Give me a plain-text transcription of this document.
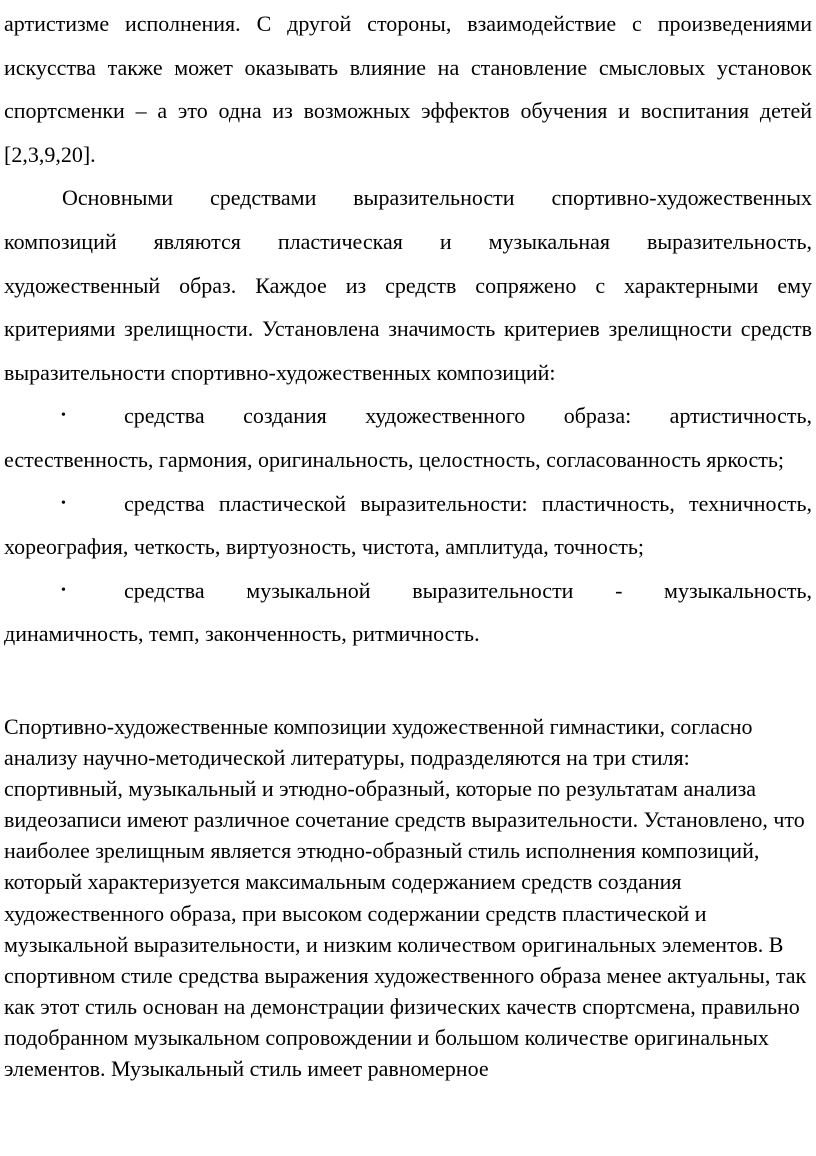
артистизме исполнения. С другой стороны, взаимодействие с произведениями искусства также может оказывать влияние на становление смысловых установок спортсменки – а это одна из возможных эффектов обучения и воспитания детей [2,3,9,20].

Основными средствами выразительности спортивно-художественных композиций являются пластическая и музыкальная выразительность, художественный образ. Каждое из средств сопряжено с характерными ему критериями зрелищности. Установлена значимость критериев зрелищности средств выразительности спортивно-художественных композиций:

•	средства создания художественного образа: артистичность, естественность, гармония, оригинальность, целостность, согласованность яркость;

•	средства пластической выразительности: пластичность, техничность, хореография, четкость, виртуозность, чистота, амплитуда, точность;

•	средства музыкальной выразительности - музыкальность, динамичность, темп, законченность, ритмичность.

Спортивно-художественные композиции художественной гимнастики, согласно анализу научно-методической литературы, подразделяются на три стиля: спортивный, музыкальный и этюдно-образный, которые по результатам анализа видеозаписи имеют различное сочетание средств выразительности. Установлено, что наиболее зрелищным является этюдно-образный стиль исполнения композиций, который характеризуется максимальным содержанием средств создания художественного образа, при высоком содержании средств пластической и музыкальной выразительности, и низким количеством оригинальных элементов. В спортивном стиле средства выражения художественного образа менее актуальны, так как этот стиль основан на демонстрации физических качеств спортсмена, правильно подобранном музыкальном сопровождении и большом количестве оригинальных элементов. Музыкальный стиль имеет равномерное
